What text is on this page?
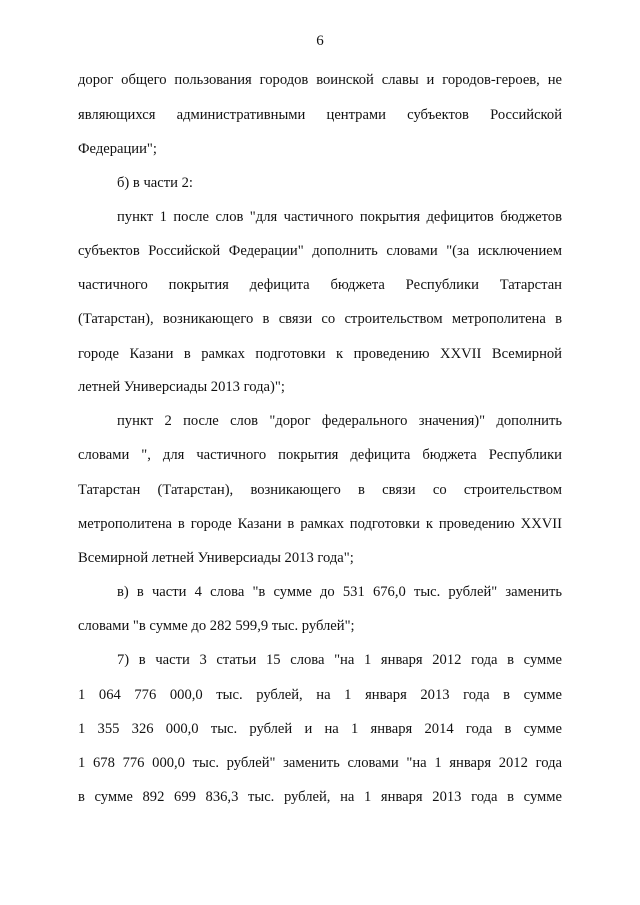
6
дорог общего пользования городов воинской славы и городов-героев, не
являющихся административными центрами субъектов Российской
Федерации";
б) в части 2:
пункт 1 после слов "для частичного покрытия дефицитов бюджетов
субъектов Российской Федерации" дополнить словами "(за исключением
частичного покрытия дефицита бюджета Республики Татарстан
(Татарстан), возникающего в связи со строительством метрополитена в
городе Казани в рамках подготовки к проведению XXVII Всемирной
летней Универсиады 2013 года)";
пункт 2 после слов "дорог федерального значения)" дополнить
словами ", для частичного покрытия дефицита бюджета Республики
Татарстан (Татарстан), возникающего в связи со строительством
метрополитена в городе Казани в рамках подготовки к проведению XXVII
Всемирной летней Универсиады 2013 года";
в) в части 4 слова "в сумме до 531 676,0 тыс. рублей" заменить
словами "в сумме до 282 599,9 тыс. рублей";
7) в части 3 статьи 15 слова "на 1 января 2012 года в сумме
1 064 776 000,0 тыс. рублей, на 1 января 2013 года в сумме
1 355 326 000,0 тыс. рублей и на 1 января 2014 года в сумме
1 678 776 000,0 тыс. рублей" заменить словами "на 1 января 2012 года
в сумме 892 699 836,3 тыс. рублей, на 1 января 2013 года в сумме
